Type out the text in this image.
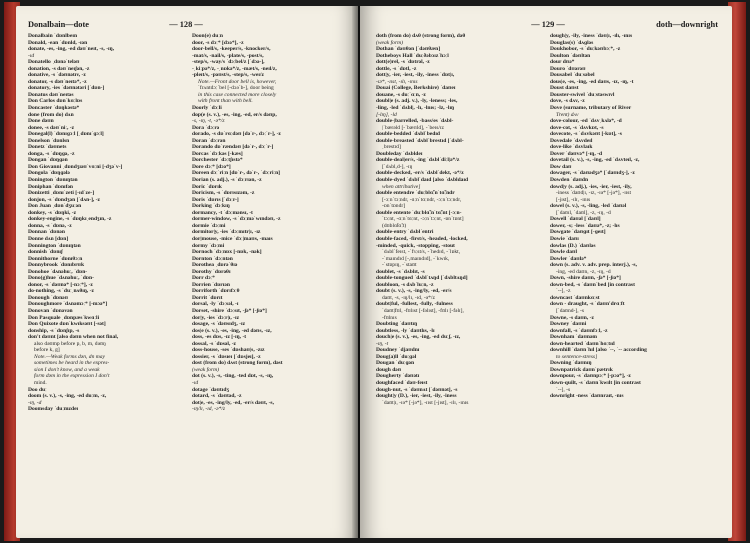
Donalbain—dote	— 128 —
Donalbain ˈdɒnlbeɪn
Donald, -ean ˈdɒnld, -ɪən
donate, -es, -ing, -ed dəʊˈneɪt, -s, -ɪŋ,
-ɪd
Donatello ˌdɒnəˈteləʊ
donation, -s dəʊˈneɪʃən, -z
donative, -s ˈdəʊnətɪv, -z
donator, -s dəʊˈneɪtə*, -z
donatory, -ies ˈdəʊnətəri [ˈdɒn-]
Donatus dəʊˈneɪtəs
Don Carlos dɒnˈkɑːlɒs
Doncaster ˈdɒŋkəstə*
done (from do) dʌn
Done dəʊn
donee, -s dəʊˈniː, -z
Donegal(l) ˈdɒnɪɡɔːl [ˌdɒnɪˈɡɔːl]
Donelson ˈdɒnlsn
Donetz ˈdəʊnets
donga, -s ˈdɒŋɡə, -z
Dongan ˈdɒŋɡən
Don Giovanni ˌdɒndʒɪəʊˈvɑːni [-dʒəˈv-]
Dongola ˈdɒŋɡələ
Donington ˈdɒnɪŋtən
Doniphan ˈdɒnɪfən
Donizetti ˌdɒnɪˈzeti [-ɪdˈze-]
donjon, -s ˈdɒndʒən [ˈdʌn-], -z
Don Juan ˌdɒnˈdʒuːən
donkey, -s ˈdɒŋki, -z
donkey-engine, -s ˈdɒŋkɪˌendʒɪn, -z
donna, -s ˈdɒnə, -z
Donnan ˈdɒnən
Donne dʌn [dɒn]
Donnington ˈdɒnɪŋtən
donnish ˈdɒnɪʃ
Donnithorne ˈdɒnɪθɔːn
Donnybrook ˈdɒnɪbrʊk
Donohoe ˈdʌnəhuː, ˈdɒn-
Dono(g)hue ˈdʌnəhuː, ˈdɒn-
donor, -s ˈdəʊnə* [-nɔː*], -z
do-nothing, -s ˈduːˌnʌθɪŋ, -z
Donough ˈdɒnəʊ
Donoughmore ˈdʌnəmɔː* [-mɔə*]
Donovan ˈdɒnəvən
Don Pasquale ˌdɒnpæsˈkwɑːli
Don Quixote dɒnˈkwɪksəʊt [-sət]
donship, -s ˈdɒnʃɪp, -s
don't dəʊnt [also dəʊn when not final,
also dəʊmp before p, b, m, dəʊŋ
before k, g]
Note.—Weak forms dən, dn may
sometimes be heard in the expres-
sion I don't know, and a weak
form dəm in the expression I don't
mind.
Doo duː
doom (s. v.), -s, -ing, -ed duːm, -z,
-ɪŋ, -d
Doomsday ˈduːmzdeɪ
Doon(e) duːn
door, -s dɔː* [dɔə*], -z
door-bell/s, -keeper/s, -knocker/s,
-mat/s, -nail/s, -plate/s, -post/s,
-step/s, -way/s ˈdɔːbel/z [ˈdɔə-],
-ˌkiːpə*/z, -ˌnɒkə*/z, -mæt/s, -neɪl/z,
-pleɪt/s, -pəʊst/s, -step/s, -weɪ/z
Note.—Front door bell is, however,
ˈfrʌntdɔːˈbel [-dɔəˈb-], door being
in this case connected more closely
with front than with bell.
Doorly ˈdɔːli
dop(e (s. v.), -es, -ing, -ed, er/s dəʊp,
-s, -ɪŋ, -t, -ə*/z
Dora ˈdɔːrə
dorado, -s dɒˈrɑːdəʊ [dəˈr-, dɔːˈr-], -z
Doran ˈdɔːrən
Dorando dɒˈrændəʊ [dəˈr-, dɔːˈr-]
Dorcas ˈdɔːkəs [-kæs]
Dorchester ˈdɔːtʃɪstə*
Dore dɔː* [dɔə*]
Doreen dɔːˈriːn [dɒˈr-, dəˈr-, ˈdɔːriːn]
Dorian (s. adj.), -s ˈdɔːrɪən, -z
Doric ˈdɒrɪk
Doricism, -s ˈdɒrɪsɪzəm, -z
Doris ˈdɒrɪs [ˈdɔːr-]
Dorking ˈdɔːkɪŋ
dormancy, -t ˈdɔːmənsɪ, -t
dormer-window, -s ˈdɔːməˈwɪndəʊ, -z
dormie ˈdɔːmi
dormitor|y, -ies ˈdɔːmɪtr|ɪ, -ɪz
dor|mouse, -mice ˈdɔː|maʊs, -maɪs
dormy ˈdɔːmi
Dornoch ˈdɔːnɒx [-nɒk, -nək]
Dornton ˈdɔːntən
Dorothea ˌdɒrəˈθɪə
Dorothy ˈdɒrəθɪ
Dorr dɔː*
Dorrien ˈdɒrɪən
Dorriforth ˈdɒrɪfɔːθ
Dorrit ˈdɒrɪt
dorsal, -ly ˈdɔːsəl, -ɪ
Dorset, -shire ˈdɔːsɪt, -ʃə* [-ʃɪə*]
dor|y, -ies ˈdɔːr|ɪ, -ɪz
dosage, -s ˈdəʊsɪdʒ, -ɪz
dos|e (s. v.), -es, -ing, -ed dəʊs, -ɪz,
doss, -es dɒs, -ɪz [-ɪŋ, -t
dossal, -s ˈdɒsəl, -z
doss-house, -ses ˈdɒshaʊ|s, -zɪz
dossier, -s ˈdɒsɪeɪ [ˈdɒsjeɪ], -z
dost (from do) dʌst (strong form), dəst
(weak form)
dot (s. v.), -s, -ting, -ted dɒt, -s, -ɪŋ,
-ɪd
dotage ˈdəʊtɪdʒ
dotard, -s ˈdəʊtəd, -z
dot|e, -es, -ing/ly, -ed, -er/s dəʊt, -s,
-ɪŋ/lɪ, -ɪd, -ə*/z
— 129 —	doth—downright
doth (from do) dʌθ (strong form), dəθ
(weak form)
Dothan ˈdəʊθən [ˈdəʊθæn]
Dotheboys Hall ˈduːðəbɔɪzˈhɔːl
dott(e)rel, -s ˈdɒtrəl, -z
dottle, -s ˈdɒtl, -z
dott|y, -ier, -iest, -ily, -iness ˈdɒt|ɪ,
-ɪə*, -ɪɪst, -ɪlɪ, -ɪnɪs
Douai (College, Berkshire) ˈdaʊeɪ
douane, -s duːˈɑːn, -z
doubl|e (s. adj. v.), -ly, -leness; -les,
-ling, -led ˈdʌbl|, -lɪ, -lnɪs; -lz, -lɪŋ
[-lɪŋ], -ld
double-|barrelled, -bass/es ˈdʌbl-
|ˈbærəld [-ˈbærɪld], -ˈbeɪs/ɪz
double-bedded ˈdʌblˈbedɪd
double-breasted ˈdʌblˈbrestɪd [ˈdʌbl-
ˌbrestɪd]
Doubleday ˈdʌbldeɪ
double-deal|er/s, -ing ˈdʌblˈdiːl|ə*/z
[ˈdʌbl,d-], -ɪŋ
double-decked, -er/s ˈdʌblˈdekt, -ə*/z
double-dyed ˈdʌblˈdaɪd [also ˈdʌbldaɪd
when attributive]
double entendre ˈduːblɑ̃ːnˈtɑ̃ːndr
[-ɔːnˈtɔːndr, -ɑːnˈtɑːndr, -ɔːnˈtɔːndr,
-ɒnˈtɒndr]
double entente ˈduːblɑ̃ːnˈtɑ̃ːnt [-ɔːn-
ˈtɔːnt, -ɑːnˈtɑːnt, -ɔːnˈtɔːnt, -ɒnˈtɒnt]
(dʊblɑ̃tɑ̃ːt)
double-entry ˈdʌblˈentri
double-faced, -first/s, -headed, -locked,
-minded, -quick, -stopping, -stout
ˈdʌblˈfeɪst, -ˈfɜːst/s, -ˈhedɪd, -ˈlɒkt,
-ˈmaɪndɪd [-,maɪndɪd], -ˈkwɪk,
-ˈstɒpɪŋ, -ˈstaʊt
doublet, -s ˈdʌblɪt, -s
double-tongued ˈdʌblˈtʌŋd [ˈdʌbltʌŋd]
doubloon, -s dʌbˈluːn, -z
doubt (s. v.), -s, -ing/ly, -ed, -er/s
daʊt, -s, -ɪŋ/lɪ, -ɪd, -ə*/z
doubt|ful, -fullest, -fully, -fulness
ˈdaʊt|fʊl, -fʊlɪst [-fəlɪst], -fʊlɪ [-fəlɪ],
-fʊlnɪs
Doubting ˈdaʊtɪŋ
doubtless, -ly ˈdaʊtlɪs, -lɪ
douch|e (s. v.), -es, -ing, -ed duːʃ, -ɪz,
-ɪŋ, -t
Doudney ˈdjaʊdnɪ
Doug(a)ll ˈduːɡəl
Dougan ˈduːɡən
dough dəʊ
Dougherty ˈdəʊətɪ
doughfaced ˈdəʊ-feɪst
dough-nut, -s ˈdəʊnʌt [ˈdəʊnət], -s
dought|y (D.), -ier, -iest, -ily, -iness
ˈdaʊt|ɪ, -ɪə* [-jə*], -ɪɪst [-jɪst], -ɪlɪ, -ɪnɪs
dough|y, -ily, -iness ˈdəʊ|ɪ, -ɪlɪ, -ɪnɪs
Douglas(s) ˈdʌɡləs
Doukhobor, -s ˈduːkəʊbɔː*, -z
Doulton ˈdəʊltən
dour dʊə*
Douro ˈdʊərəʊ
Dousabel ˈduːsəbel
dous|e, -es, -ing, -ed daʊs, -ɪz, -ɪŋ, -t
Doust daʊst
Douster-swivel ˈduːstəswɪvl
dove, -s dʌv, -z
Dove (surname, tributary of River
Trent) dʌv
dove-colour, -ed ˈdʌvˌkʌlə*, -d
dove-cot, -s ˈdʌvkɒt, -s
dovecote, -s ˈdʌvkəʊt [-kɒt], -s
Dovedale ˈdʌvdeɪl
dove-like ˈdʌvlaɪk
Dover ˈdəʊvə* [-ɪŋ, -d
dovetail (s. v.), -s, -ing, -ed ˈdʌvteɪl, -z,
Dow daʊ
dowager, -s ˈdaʊədʒə* [ˈdaʊɪdʒ-], -z
Dowden ˈdaʊdn
dowd|y (s. adj.), -ies, -ier, -iest, -ily,
-iness ˈdaʊd|ɪ, -ɪz, -ɪə* [-jə*], -ɪɪst
[-jɪst], -ɪlɪ, -ɪnɪs
dowel (s. v.), -s, -ling, -led ˈdaʊəl
[ˈdaʊɪl, ˈdaʊl], -z, -ɪŋ, -d
Dowell ˈdaʊəl [ˈdaʊl]
dower, -s; -less ˈdaʊə*, -z; -lɪs
Dowgate ˈdaʊɡɪt [-ɡeɪt]
Dowie ˈdaʊɪ
dowlas (D.) ˈdaʊləs
Dowle daʊl
Dowler ˈdaʊlə*
down (s. adv. v. adv. prep. interj.), -s,
-ing, -ed daʊn, -z, -ɪŋ, -d
Down, -shire daʊn, -ʃə* [-ʃɪə*]
down-bed, -s ˈdaʊnˈbed [in contrast
ˈ--], -z
downcast ˈdaʊnkɑːst
down - draught, -s ˈdaʊn'drɑːft
[ˈdaʊnd-], -s
Downe, -s daʊn, -z
Downey ˈdaʊni
downfall, -s ˈdaʊnfɔːl, -z
Downham ˈdaʊnəm
down-hearted ˈdaʊnˈhɑːtɪd
downhill ˈdaʊnˈhɪl [also ˈ--, ˈ-- according
to sentence-stress]
Downing ˈdaʊnɪŋ
Downpatrick daʊnˈpætrɪk
downpour, -s ˈdaʊnpɔː* [-pɔə*], -z
down-quilt, -s ˈdaʊnˈkwɪlt [in contrast
ˈ--], -s
downright -ness ˈdaʊnraɪt, -nɪs
